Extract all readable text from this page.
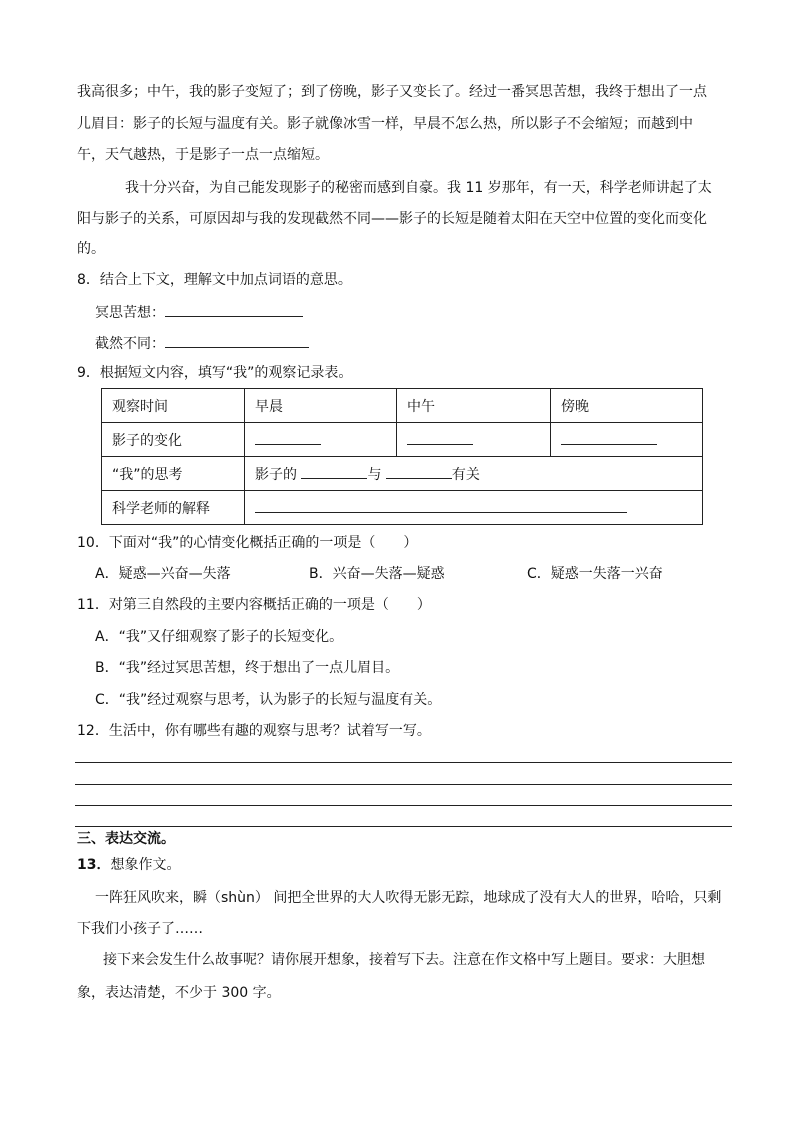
我高很多；中午，我的影子变短了；到了傍晚，影子又变长了。经过一番冥思苦想，我终于想出了一点
儿眉目：影子的长短与温度有关。影子就像冰雪一样，早晨不怎么热，所以影子不会缩短；而越到中
午，天气越热，于是影子一点一点缩短。
我十分兴奋，为自己能发现影子的秘密而感到自豪。我 11 岁那年，有一天，科学老师讲起了太
阳与影子的关系，可原因却与我的发现截然不同——影子的长短是随着太阳在天空中位置的变化而变化
的。
8．结合上下文，理解文中加点词语的意思。
冥思苦想：
截然不同：
9．根据短文内容，填写“我”的观察记录表。
观察时间	早晨	中午	傍晚
影子的变化			
“我”的思考	影子的 与 有关		
科学老师的解释			
10．下面对“我”的心情变化概括正确的一项是（　　）
A．疑惑—兴奋—失落	B．兴奋—失落—疑惑	C．疑惑一失落一兴奋
11．对第三自然段的主要内容概括正确的一项是（　　）
A．“我”又仔细观察了影子的长短变化。
B．“我”经过冥思苦想，终于想出了一点儿眉目。
C．“我”经过观察与思考，认为影子的长短与温度有关。
12．生活中，你有哪些有趣的观察与思考？试着写一写。
三、表达交流。
13．想象作文。
一阵狂风吹来，瞬（shùn） 间把全世界的大人吹得无影无踪，地球成了没有大人的世界，哈哈，只剩
下我们小孩子了……
接下来会发生什么故事呢？请你展开想象，接着写下去。注意在作文格中写上题目。要求：大胆想
象，表达清楚，不少于 300 字。
